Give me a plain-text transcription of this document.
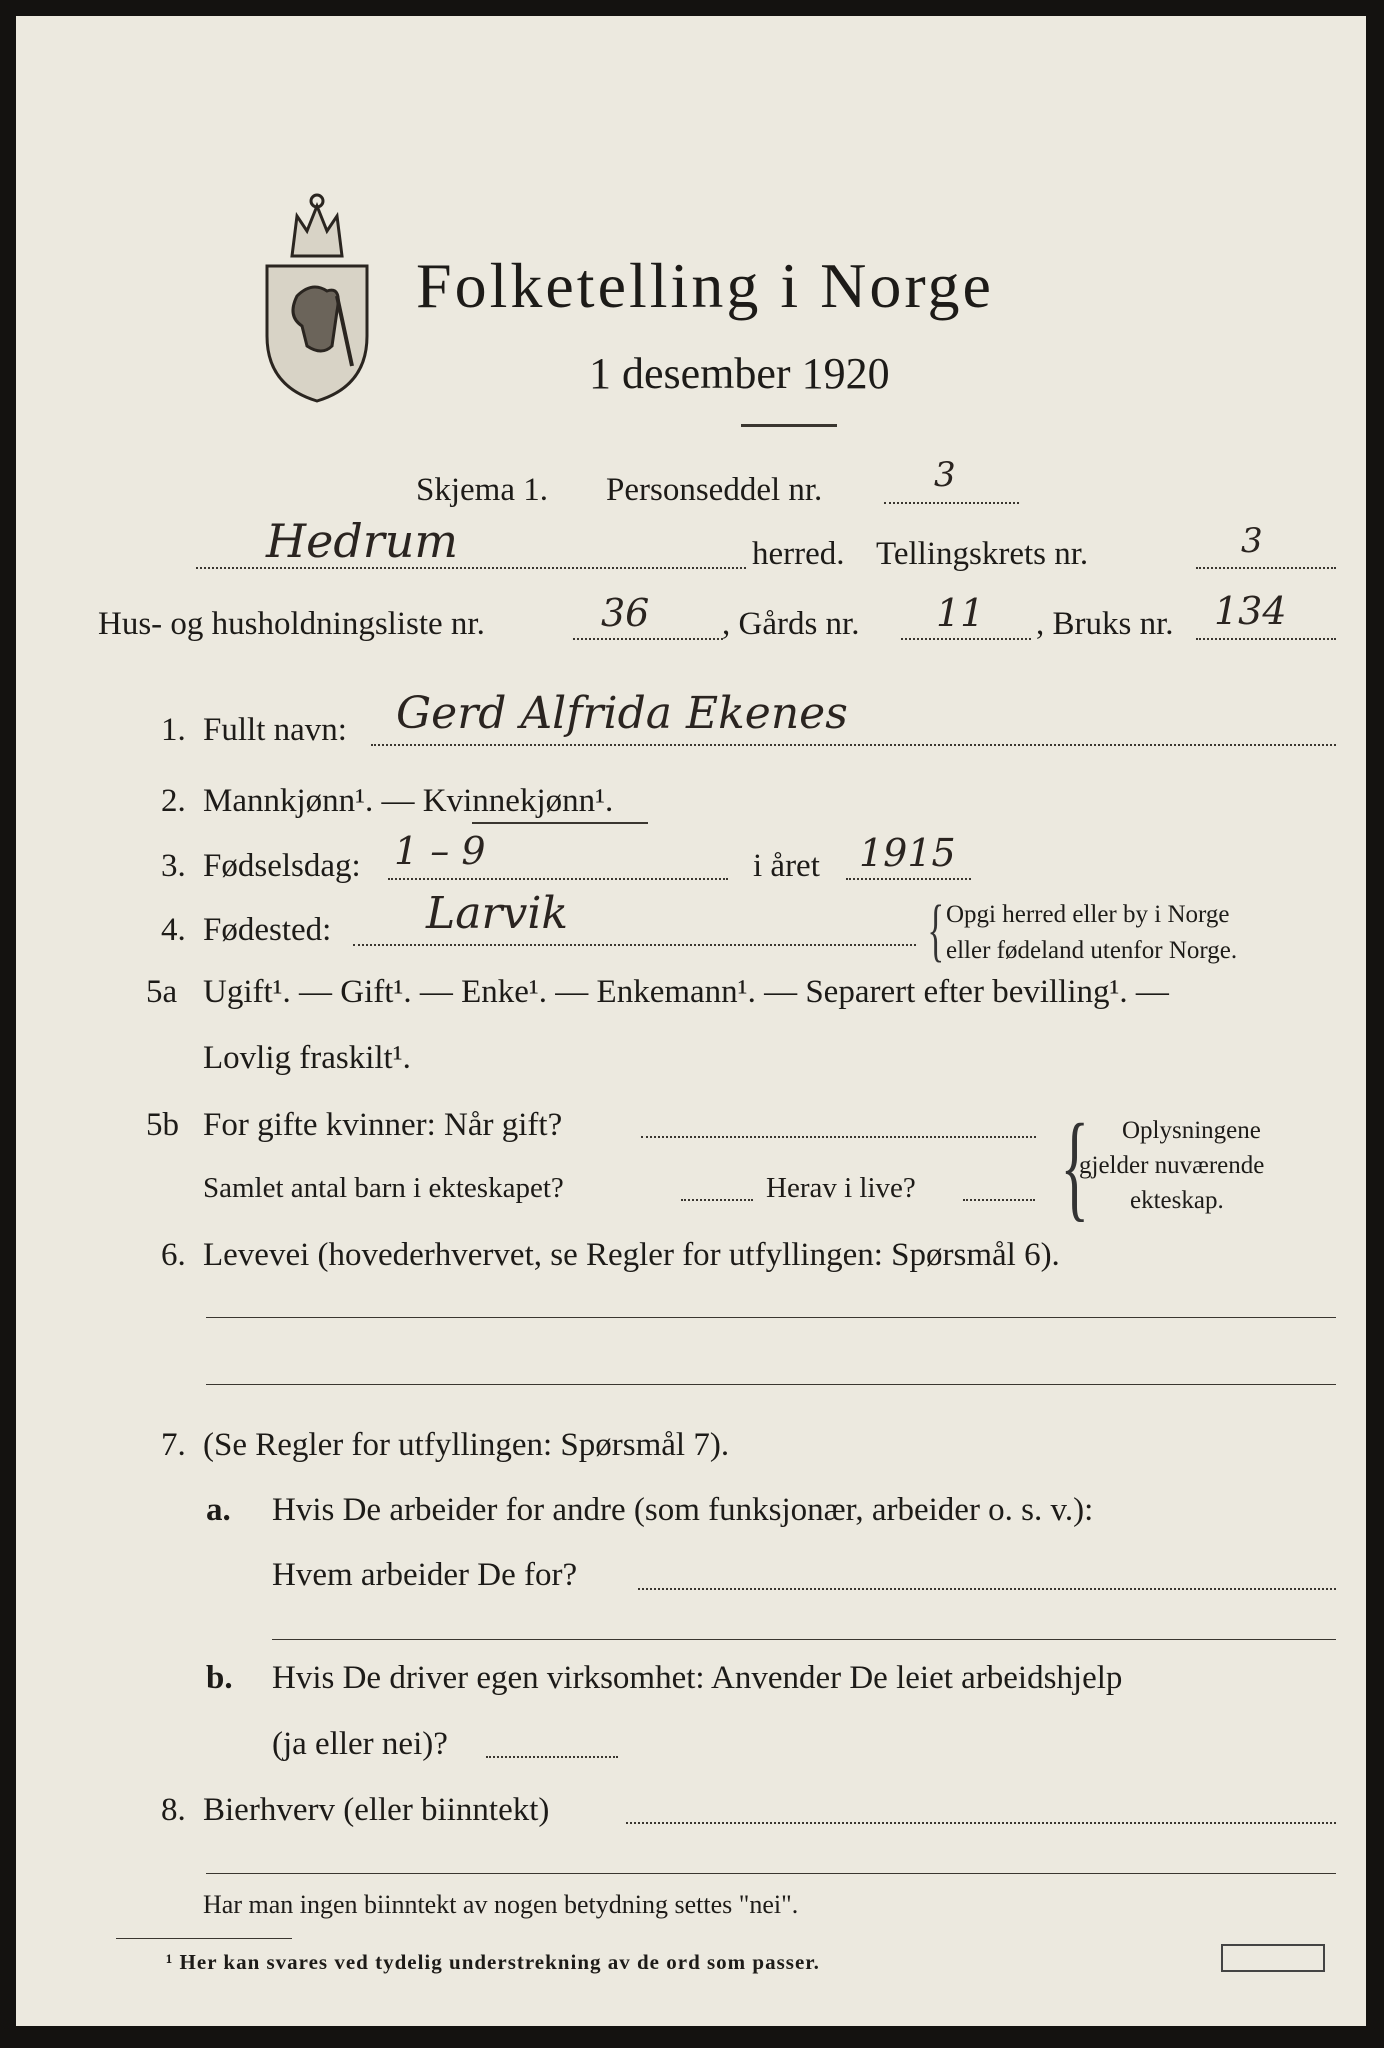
Folketelling i Norge
1 desember 1920
Skjema 1. Personseddel nr.	3
Hedrum	herred. Tellingskrets nr.	3
Hus- og husholdningsliste nr.	36 , Gårds nr. 11 , Bruks nr. 134
1. Fullt navn: Gerd Alfrida Ekenes
2. Mannkjønn¹. — Kvinnekjønn¹.
3. Fødselsdag: 1 – 9	i året 1915
4. Fødested: Larvik	{ Opgi herred eller by i Norge
eller fødeland utenfor Norge.
5a Ugift¹. — Gift¹. — Enke¹. — Enkemann¹. — Separert efter bevilling¹. —
Lovlig fraskilt¹.
5b For gifte kvinner: Når gift?
Samlet antal barn i ekteskapet?	Herav i live? { Oplysningene
gjelder nuværende
ekteskap.
6. Levevei (hovederhvervet, se Regler for utfyllingen: Spørsmål 6).
7. (Se Regler for utfyllingen: Spørsmål 7).
a. Hvis De arbeider for andre (som funksjonær, arbeider o. s. v.):
Hvem arbeider De for?
b. Hvis De driver egen virksomhet: Anvender De leiet arbeidshjelp
(ja eller nei)?
8. Bierhverv (eller biinntekt)
Har man ingen biinntekt av nogen betydning settes "nei".
¹ Her kan svares ved tydelig understrekning av de ord som passer.
